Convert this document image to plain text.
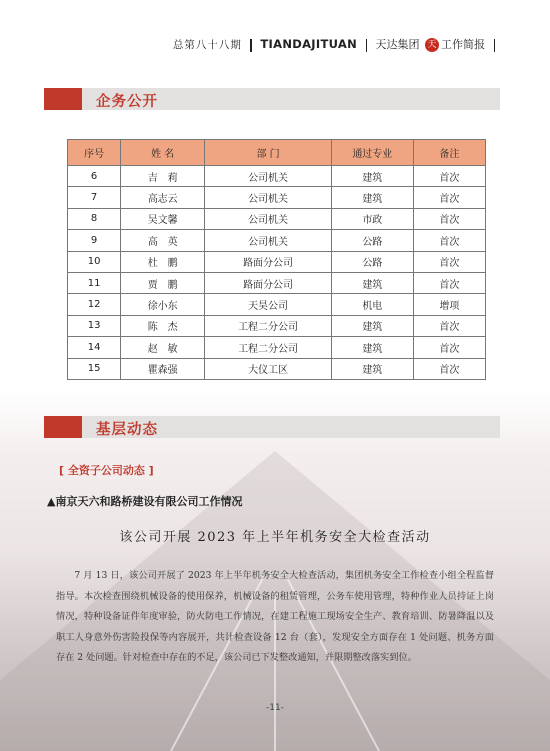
总第八十八期 TIANDAJITUAN 天达集团 天 工作简报
企务公开
序号	姓 名	部 门	通过专业	备注
6	吉　莉	公司机关	建筑	首次
7	高志云	公司机关	建筑	首次
8	吴文馨	公司机关	市政	首次
9	高　英	公司机关	公路	首次
10	杜　鹏	路面分公司	公路	首次
11	贾　鹏	路面分公司	建筑	首次
12	徐小东	天昊公司	机电	增项
13	陈　杰	工程二分公司	建筑	首次
14	赵　敏	工程二分公司	建筑	首次
15	瞿森强	大仪工区	建筑	首次
基层动态
[ 全资子公司动态 ]
▲南京天六和路桥建设有限公司工作情况
该公司开展 2023 年上半年机务安全大检查活动
7 月 13 日，该公司开展了 2023 年上半年机务安全大检查活动，集团机务安全工作检查小组全程监督指导。本次检查围绕机械设备的使用保养，机械设备的租赁管理，公务车使用管理，特种作业人员持证上岗情况，特种设备证件年度审验，防火防电工作情况，在建工程施工现场安全生产、教育培训、防暑降温以及职工人身意外伤害险投保等内容展开，共计检查设备 12 台（套），发现安全方面存在 1 处问题、机务方面存在 2 处问题。针对检查中存在的不足，该公司已下发整改通知，并限期整改落实到位。
-11-
